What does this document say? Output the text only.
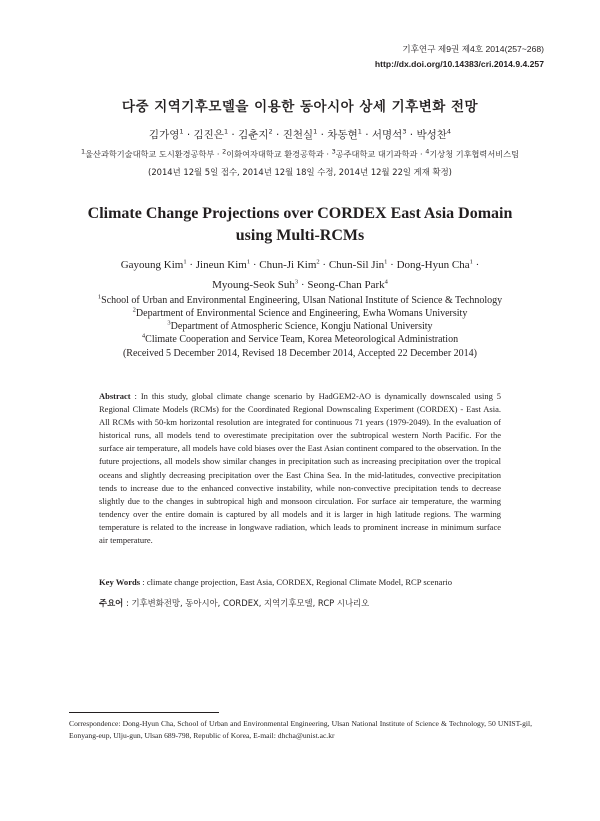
기후연구 제9권 제4호 2014(257~268)
http://dx.doi.org/10.14383/cri.2014.9.4.257
다중 지역기후모델을 이용한 동아시아 상세 기후변화 전망
김가영$^1$ · 김진은$^1$ · 김춘지$^2$ · 진천실$^1$ · 차동현$^1$ · 서명석$^3$ · 박성찬$^4$
$^1$울산과학기술대학교 도시환경공학부 · $^2$이화여자대학교 환경공학과 · $^3$공주대학교 대기과학과 · $^4$기상청 기후협력서비스팀
(2014년 12월 5일 접수, 2014년 12월 18일 수정, 2014년 12월 22일 게재 확정)
Climate Change Projections over CORDEX East Asia Domain
using Multi-RCMs
Gayoung Kim$^1$ · Jineun Kim$^1$ · Chun-Ji Kim$^2$ · Chun-Sil Jin$^1$ · Dong-Hyun Cha$^1$ ·
Myoung-Seok Suh$^3$ · Seong-Chan Park$^4$
$^1$School of Urban and Environmental Engineering, Ulsan National Institute of Science & Technology
$^2$Department of Environmental Science and Engineering, Ewha Womans University
$^3$Department of Atmospheric Science, Kongju National University
$^4$Climate Cooperation and Service Team, Korea Meteorological Administration
(Received 5 December 2014, Revised 18 December 2014, Accepted 22 December 2014)
Abstract : In this study, global climate change scenario by HadGEM2-AO is dynamically downscaled using 5 Regional Climate Models (RCMs) for the Coordinated Regional Downscaling Experiment (CORDEX) - East Asia. All RCMs with 50-km horizontal resolution are integrated for continuous 71 years (1979-2049). In the evaluation of historical runs, all models tend to overestimate precipitation over the subtropical western North Pacific. For the surface air temperature, all models have cold biases over the East Asian continent compared to the observation. In the future projections, all models show similar changes in precipitation such as increasing precipitation over the tropical oceans and slightly decreasing precipitation over the East China Sea. In the mid-latitudes, convective precipitation tends to increase due to the enhanced convective instability, while non-convective precipitation tends to decrease slightly due to the changes in subtropical high and monsoon circulation. For surface air temperature, the warming tendency over the entire domain is captured by all models and it is larger in high latitude regions. The warming temperature is related to the increase in longwave radiation, which leads to prominent increase in minimum surface air temperature.
Key Words : climate change projection, East Asia, CORDEX, Regional Climate Model, RCP scenario
주요어 : 기후변화전망, 동아시아, CORDEX, 지역기후모델, RCP 시나리오
Correspondence: Dong-Hyun Cha, School of Urban and Environmental Engineering, Ulsan National Institute of Science & Technology, 50 UNIST-gil, Eonyang-eup, Ulju-gun, Ulsan 689-798, Republic of Korea, E-mail: dhcha@unist.ac.kr
